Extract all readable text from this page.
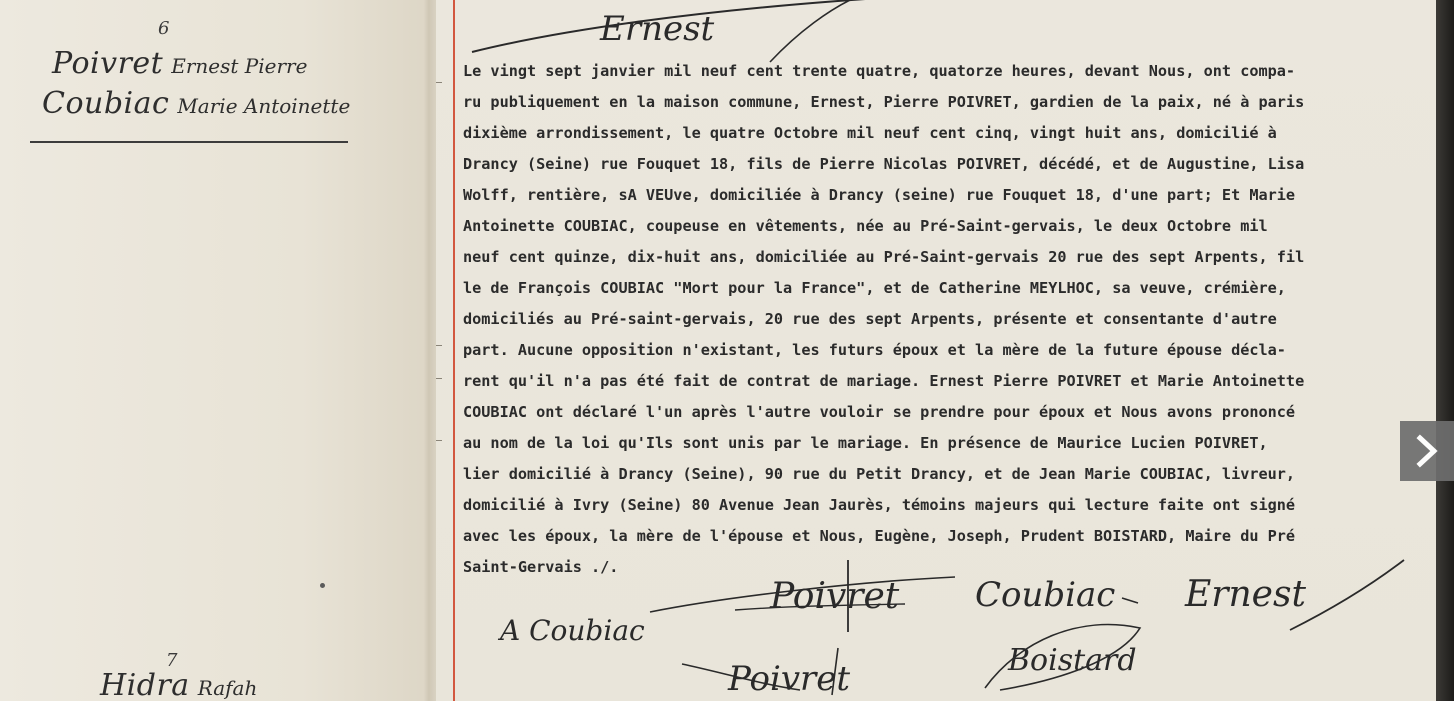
6
Poivret Ernest Pierre
Coubiac Marie Antoinette
7
Hidra Rafah
Le vingt sept janvier mil neuf cent trente quatre, quatorze heures, devant Nous, ont compa-
ru publiquement en la maison commune, Ernest, Pierre POIVRET, gardien de la paix, né à paris
dixième arrondissement, le quatre Octobre mil neuf cent cinq, vingt huit ans, domicilié à
Drancy (Seine) rue Fouquet 18, fils de Pierre Nicolas POIVRET, décédé, et de Augustine, Lisa
Wolff, rentière, sA VEUve, domiciliée à Drancy (seine) rue Fouquet 18, d'une part; Et Marie
Antoinette COUBIAC, coupeuse en vêtements, née au Pré-Saint-gervais, le deux Octobre mil
neuf cent quinze, dix-huit ans, domiciliée au Pré-Saint-gervais 20 rue des sept Arpents, fil
le de François COUBIAC "Mort pour la France", et de Catherine MEYLHOC, sa veuve, crémière,
domiciliés au Pré-saint-gervais, 20 rue des sept Arpents, présente et consentante d'autre
part. Aucune opposition n'existant, les futurs époux et la mère de la future épouse décla-
rent qu'il n'a pas été fait de contrat de mariage. Ernest Pierre POIVRET et Marie Antoinette
COUBIAC ont déclaré l'un après l'autre vouloir se prendre pour époux et Nous avons prononcé
au nom de la loi qu'Ils sont unis par le mariage. En présence de Maurice Lucien POIVRET,
lier domicilié à Drancy (Seine), 90 rue du Petit Drancy, et de Jean Marie COUBIAC, livreur,
domicilié à Ivry (Seine) 80 Avenue Jean Jaurès, témoins majeurs qui lecture faite ont signé
avec les époux, la mère de l'épouse et Nous, Eugène, Joseph, Prudent BOISTARD, Maire du Pré
Saint-Gervais ./.
Ernest
A Coubiac
Poivret Coubiac Ernest
Poivret	Boistard
